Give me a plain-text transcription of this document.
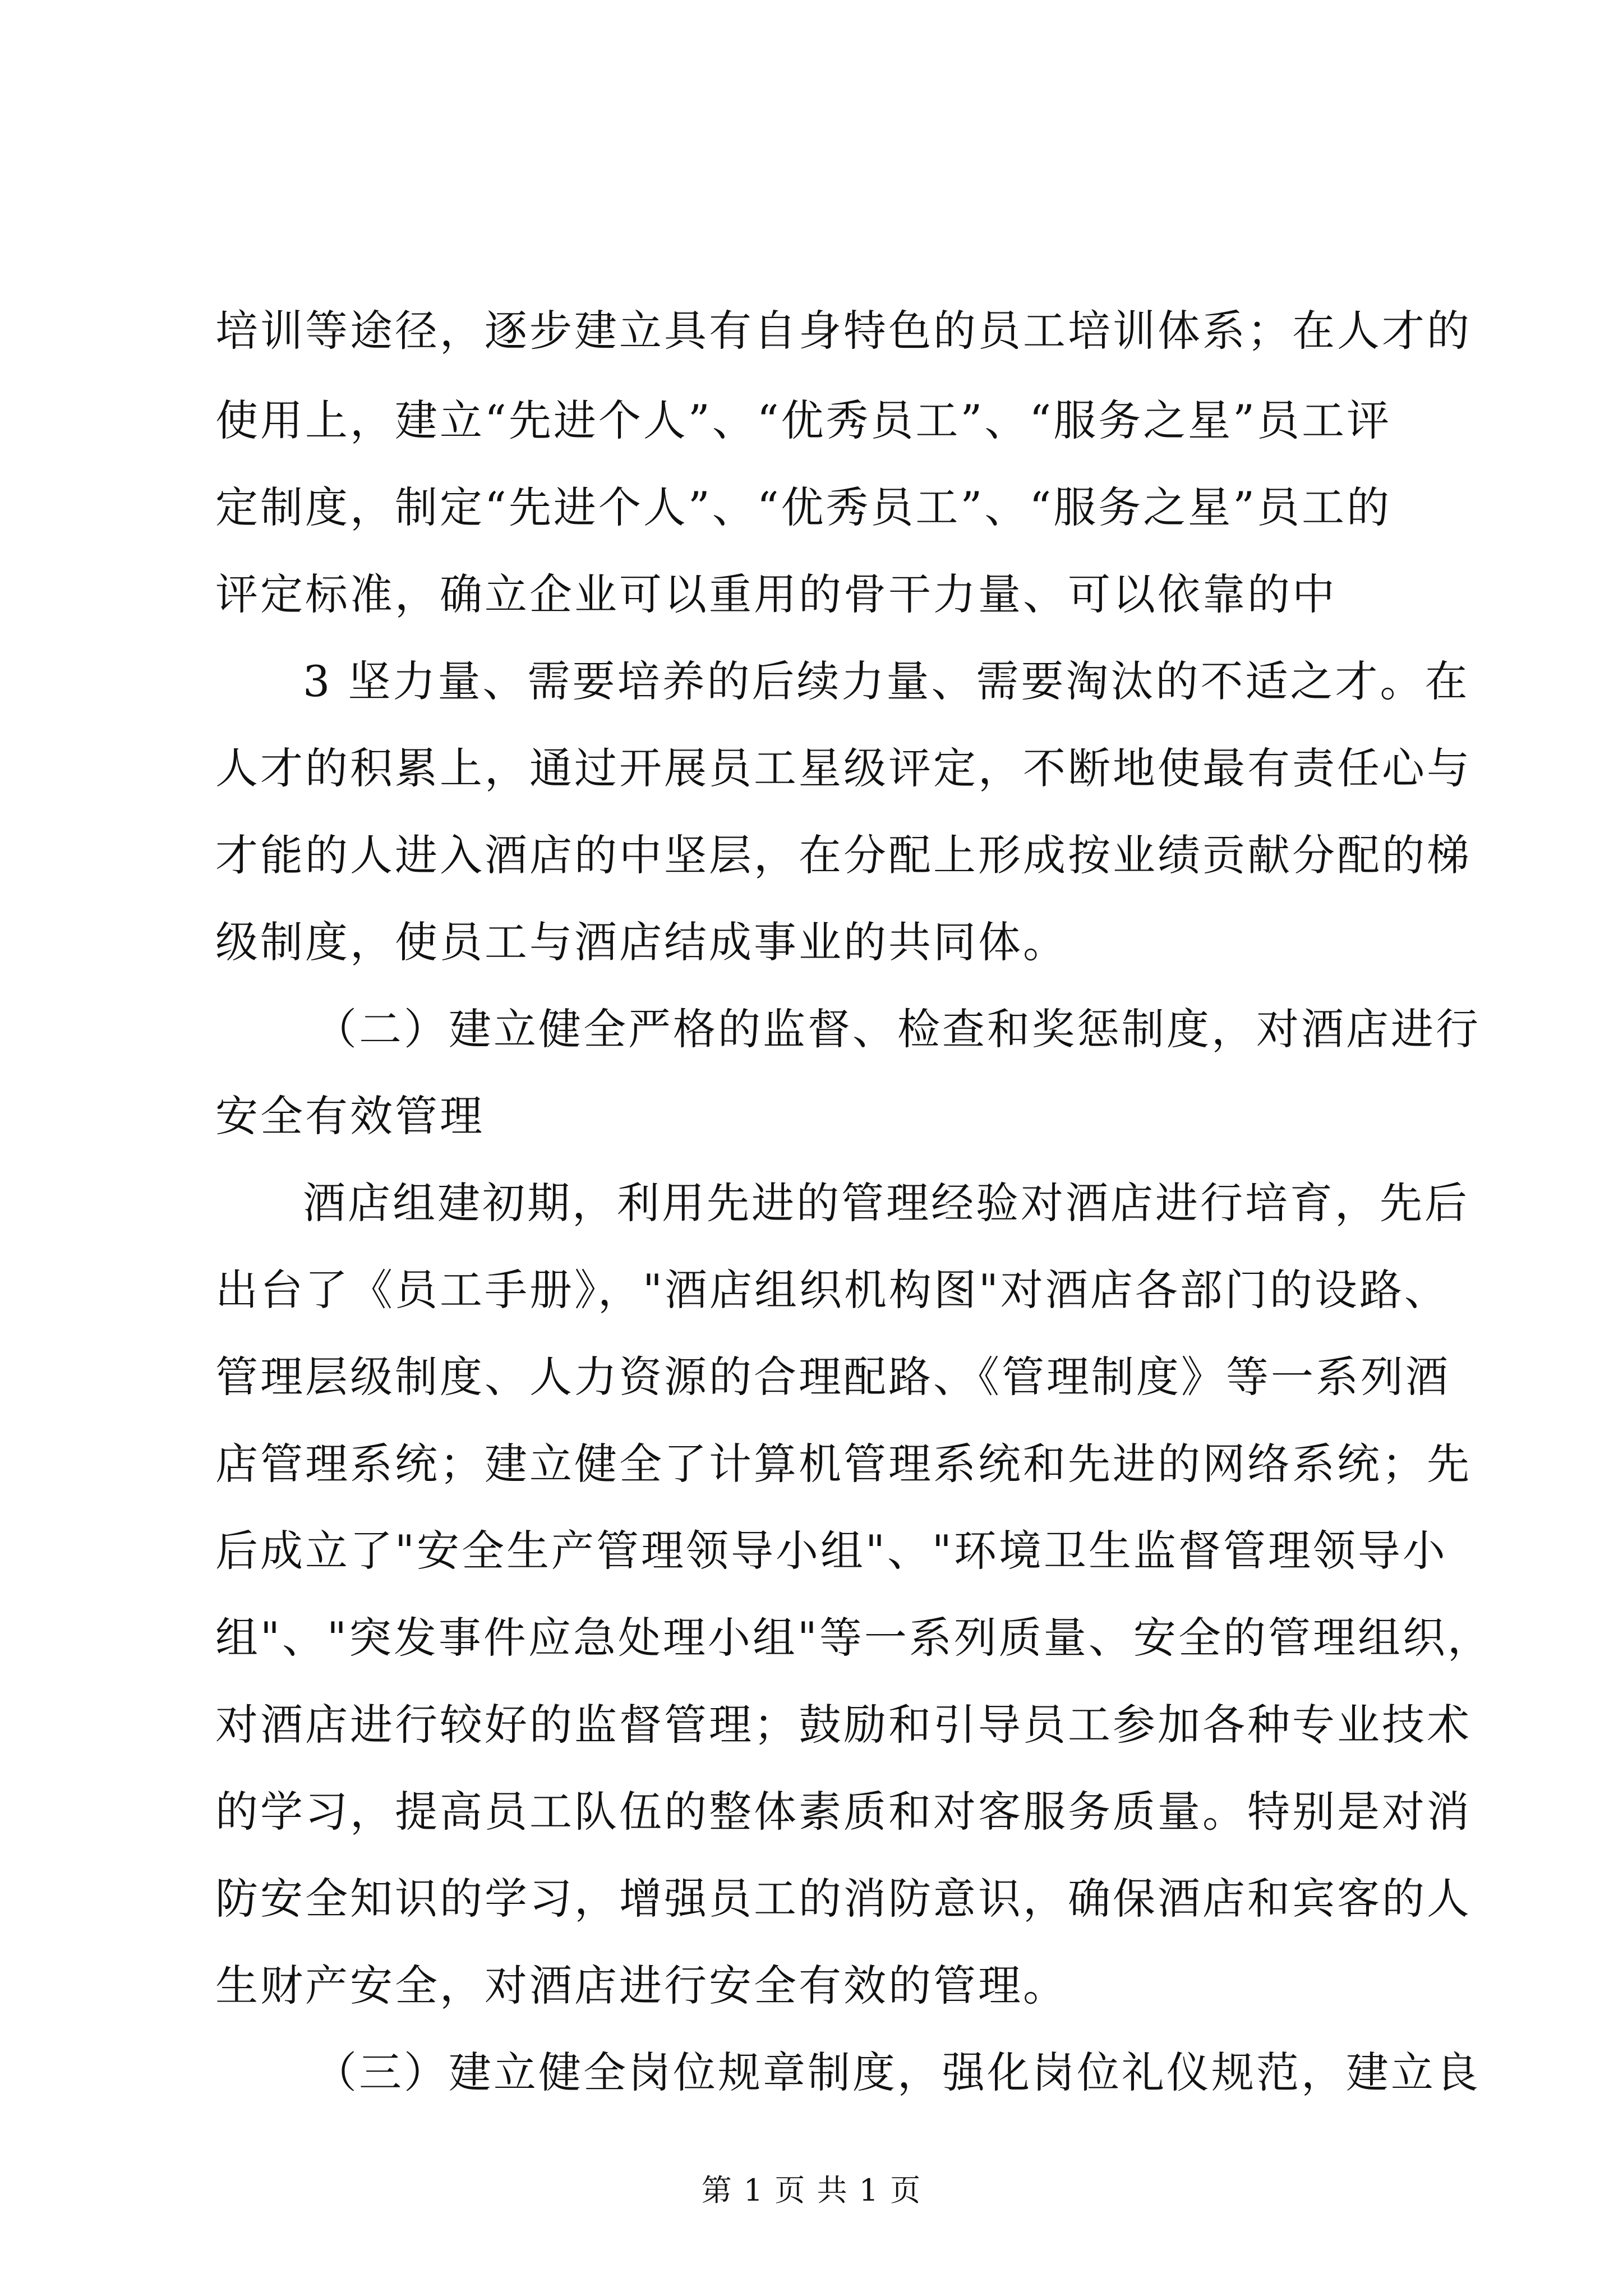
培训等途径，逐步建立具有自身特色的员工培训体系；在人才的
使用上，建立“先进个人”、“优秀员工”、“服务之星”员工评
定制度，制定“先进个人”、“优秀员工”、“服务之星”员工的
评定标准，确立企业可以重用的骨干力量、可以依靠的中
3 坚力量、需要培养的后续力量、需要淘汰的不适之才。在
人才的积累上，通过开展员工星级评定，不断地使最有责任心与
才能的人进入酒店的中坚层，在分配上形成按业绩贡献分配的梯
级制度，使员工与酒店结成事业的共同体。
（二）建立健全严格的监督、检查和奖惩制度，对酒店进行
安全有效管理
酒店组建初期，利用先进的管理经验对酒店进行培育，先后
出台了《员工手册》，"酒店组织机构图"对酒店各部门的设路、
管理层级制度、人力资源的合理配路、《管理制度》等一系列酒
店管理系统；建立健全了计算机管理系统和先进的网络系统；先
后成立了"安全生产管理领导小组"、"环境卫生监督管理领导小
组"、"突发事件应急处理小组"等一系列质量、安全的管理组织，
对酒店进行较好的监督管理；鼓励和引导员工参加各种专业技术
的学习，提高员工队伍的整体素质和对客服务质量。特别是对消
防安全知识的学习，增强员工的消防意识，确保酒店和宾客的人
生财产安全，对酒店进行安全有效的管理。
（三）建立健全岗位规章制度，强化岗位礼仪规范，建立良
第 1 页 共 1 页
